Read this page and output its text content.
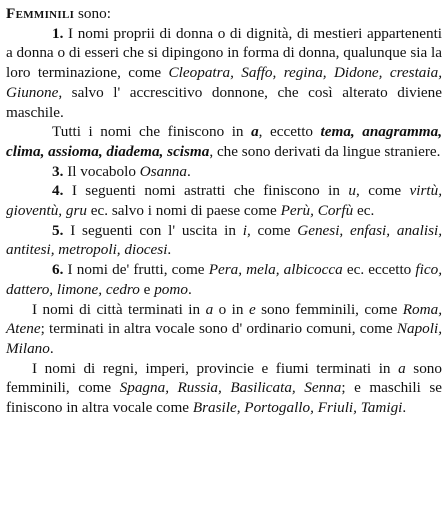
Femminili sono:

1. I nomi proprii di donna o di dignità, di mestieri appartenenti a donna o di esseri che si dipingono in forma di donna, qualunque sia la loro terminazione, come Cleopatra, Saffo, regina, Didone, crestaia, Giunone, salvo l' accrescitivo donnone, che così alterato diviene maschile.

Tutti i nomi che finiscono in a, eccetto tema, anagramma, clima, assioma, diadema, scisma, che sono derivati da lingue straniere.

3. Il vocabolo Osanna.

4. I seguenti nomi astratti che finiscono in u, come virtù, gioventù, gru ec. salvo i nomi di paese come Perù, Corfù ec.

5. I seguenti con l' uscita in i, come Genesi, enfasi, analisi, antitesi, metropoli, diocesi.

6. I nomi de' frutti, come Pera, mela, albicocca ec. eccetto fico, dattero, limone, cedro e pomo.

I nomi di città terminati in a o in e sono femminili, come Roma, Atene; terminati in altra vocale sono d' ordinario comuni, come Napoli, Milano.

I nomi di regni, imperi, provincie e fiumi terminati in a sono femminili, come Spagna, Russia, Basilicata, Senna; e maschili se finiscono in altra vocale come Brasile, Portogallo, Friuli, Tamigi.
